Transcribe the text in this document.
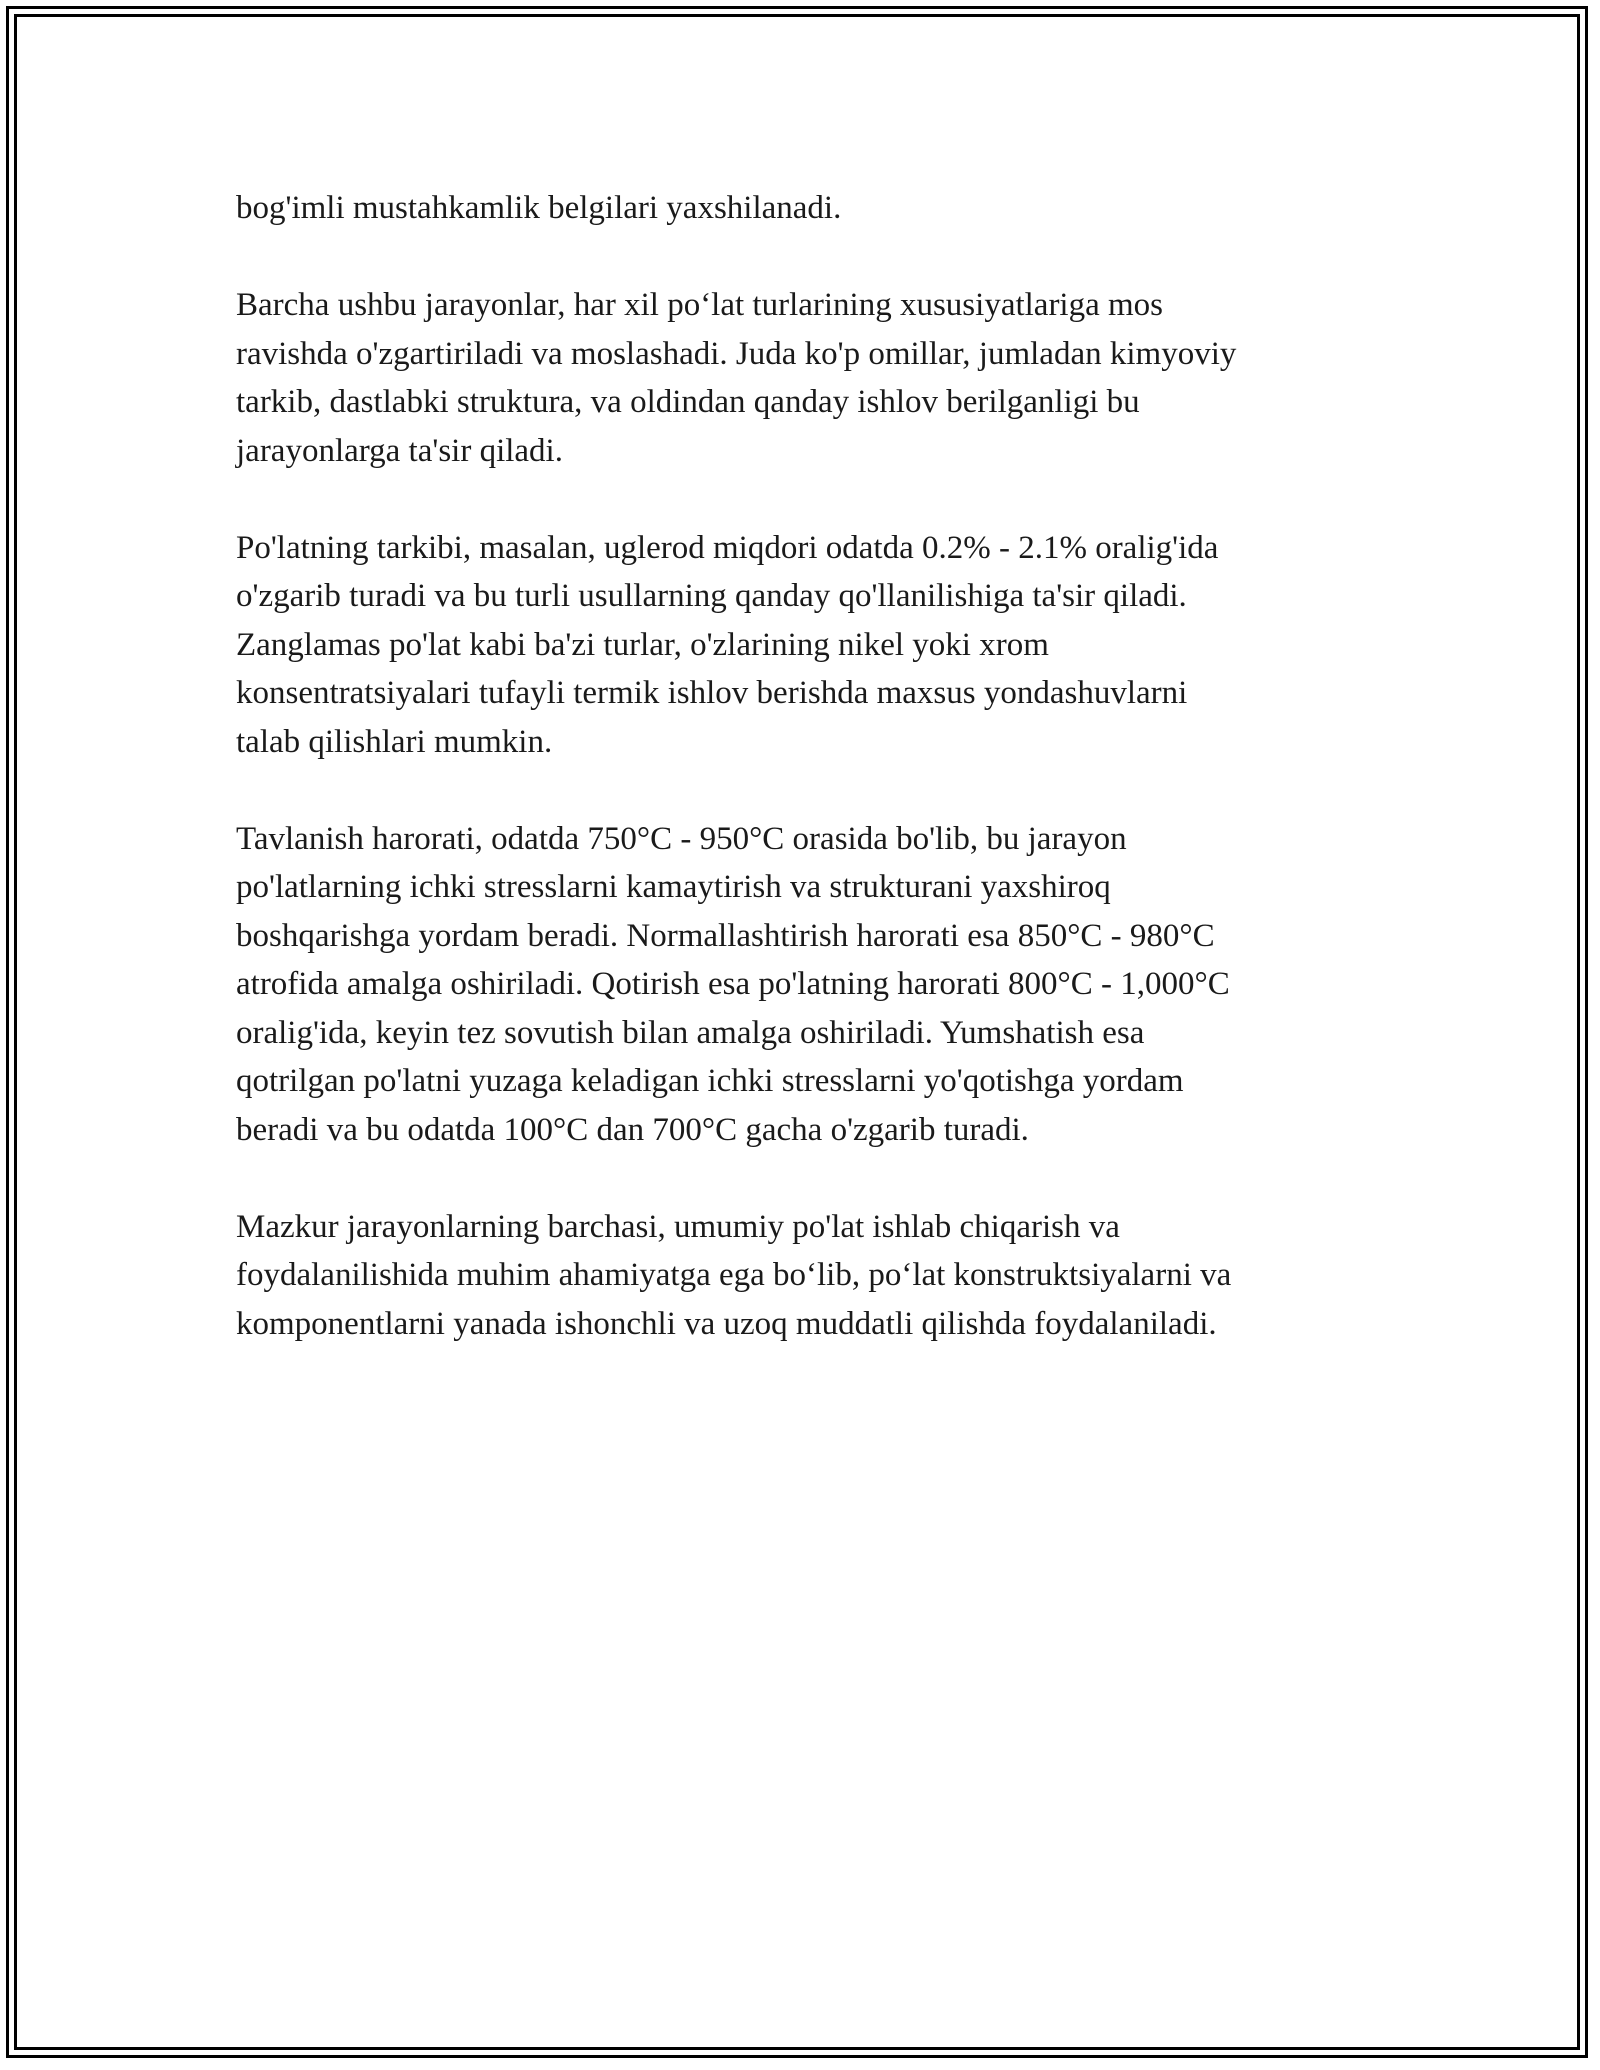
bog'imli mustahkamlik belgilari yaxshilanadi.

Barcha ushbu jarayonlar, har xil po‘lat turlarining xususiyatlariga mos
ravishda o'zgartiriladi va moslashadi. Juda ko'p omillar, jumladan kimyoviy
tarkib, dastlabki struktura, va oldindan qanday ishlov berilganligi bu
jarayonlarga ta'sir qiladi.

Po'latning tarkibi, masalan, uglerod miqdori odatda 0.2% - 2.1% oralig'ida
o'zgarib turadi va bu turli usullarning qanday qo'llanilishiga ta'sir qiladi.
Zanglamas po'lat kabi ba'zi turlar, o'zlarining nikel yoki xrom
konsentratsiyalari tufayli termik ishlov berishda maxsus yondashuvlarni
talab qilishlari mumkin.

Tavlanish harorati, odatda 750°C - 950°C orasida bo'lib, bu jarayon
po'latlarning ichki stresslarni kamaytirish va strukturani yaxshiroq
boshqarishga yordam beradi. Normallashtirish harorati esa 850°C - 980°C
atrofida amalga oshiriladi. Qotirish esa po'latning harorati 800°C - 1,000°C
oralig'ida, keyin tez sovutish bilan amalga oshiriladi. Yumshatish esa
qotrilgan po'latni yuzaga keladigan ichki stresslarni yo'qotishga yordam
beradi va bu odatda 100°C dan 700°C gacha o'zgarib turadi.

Mazkur jarayonlarning barchasi, umumiy po'lat ishlab chiqarish va
foydalanilishida muhim ahamiyatga ega bo‘lib, po‘lat konstruktsiyalarni va
komponentlarni yanada ishonchli va uzoq muddatli qilishda foydalaniladi.
